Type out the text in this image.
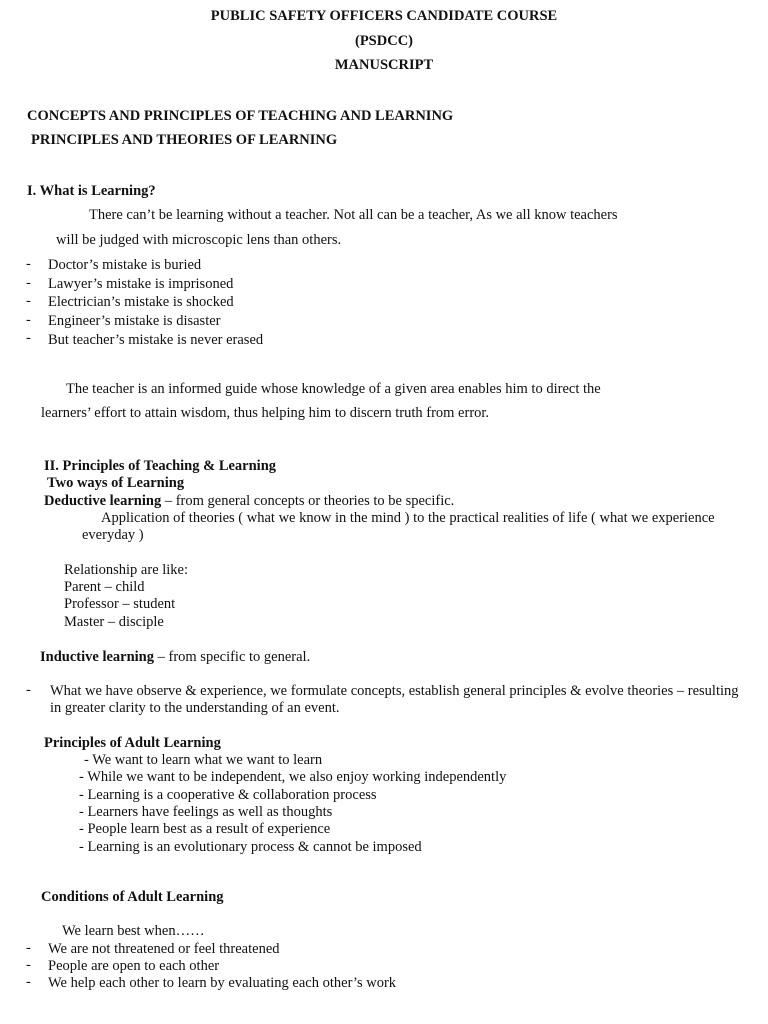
PUBLIC SAFETY OFFICERS CANDIDATE COURSE
(PSDCC)
MANUSCRIPT
CONCEPTS AND PRINCIPLES OF TEACHING AND LEARNING
PRINCIPLES AND THEORIES OF LEARNING
I. What is Learning?
There can’t be learning without a teacher. Not all can be a teacher, As we all know teachers
will be judged with microscopic lens than others.
- Doctor’s mistake is buried
- Lawyer’s mistake is imprisoned
- Electrician’s mistake is shocked
- Engineer’s mistake is disaster
- But teacher’s mistake is never erased
The teacher is an informed guide whose knowledge of a given area enables him to direct the
learners’ effort to attain wisdom, thus helping him to discern truth from error.
II. Principles of Teaching & Learning
Two ways of Learning
Deductive learning – from general concepts or theories to be specific.
Application of theories ( what we know in the mind ) to the practical realities of life ( what we experience
everyday )
Relationship are like:
Parent – child
Professor – student
Master – disciple
Inductive learning – from specific to general.
- What we have observe & experience, we formulate concepts, establish general principles & evolve theories – resulting
in greater clarity to the understanding of an event.
Principles of Adult Learning
- We want to learn what we want to learn
- While we want to be independent, we also enjoy working independently
- Learning is a cooperative & collaboration process
- Learners have feelings as well as thoughts
- People learn best as a result of experience
- Learning is an evolutionary process & cannot be imposed
Conditions of Adult Learning
We learn best when……
- We are not threatened or feel threatened
- People are open to each other
- We help each other to learn by evaluating each other’s work
